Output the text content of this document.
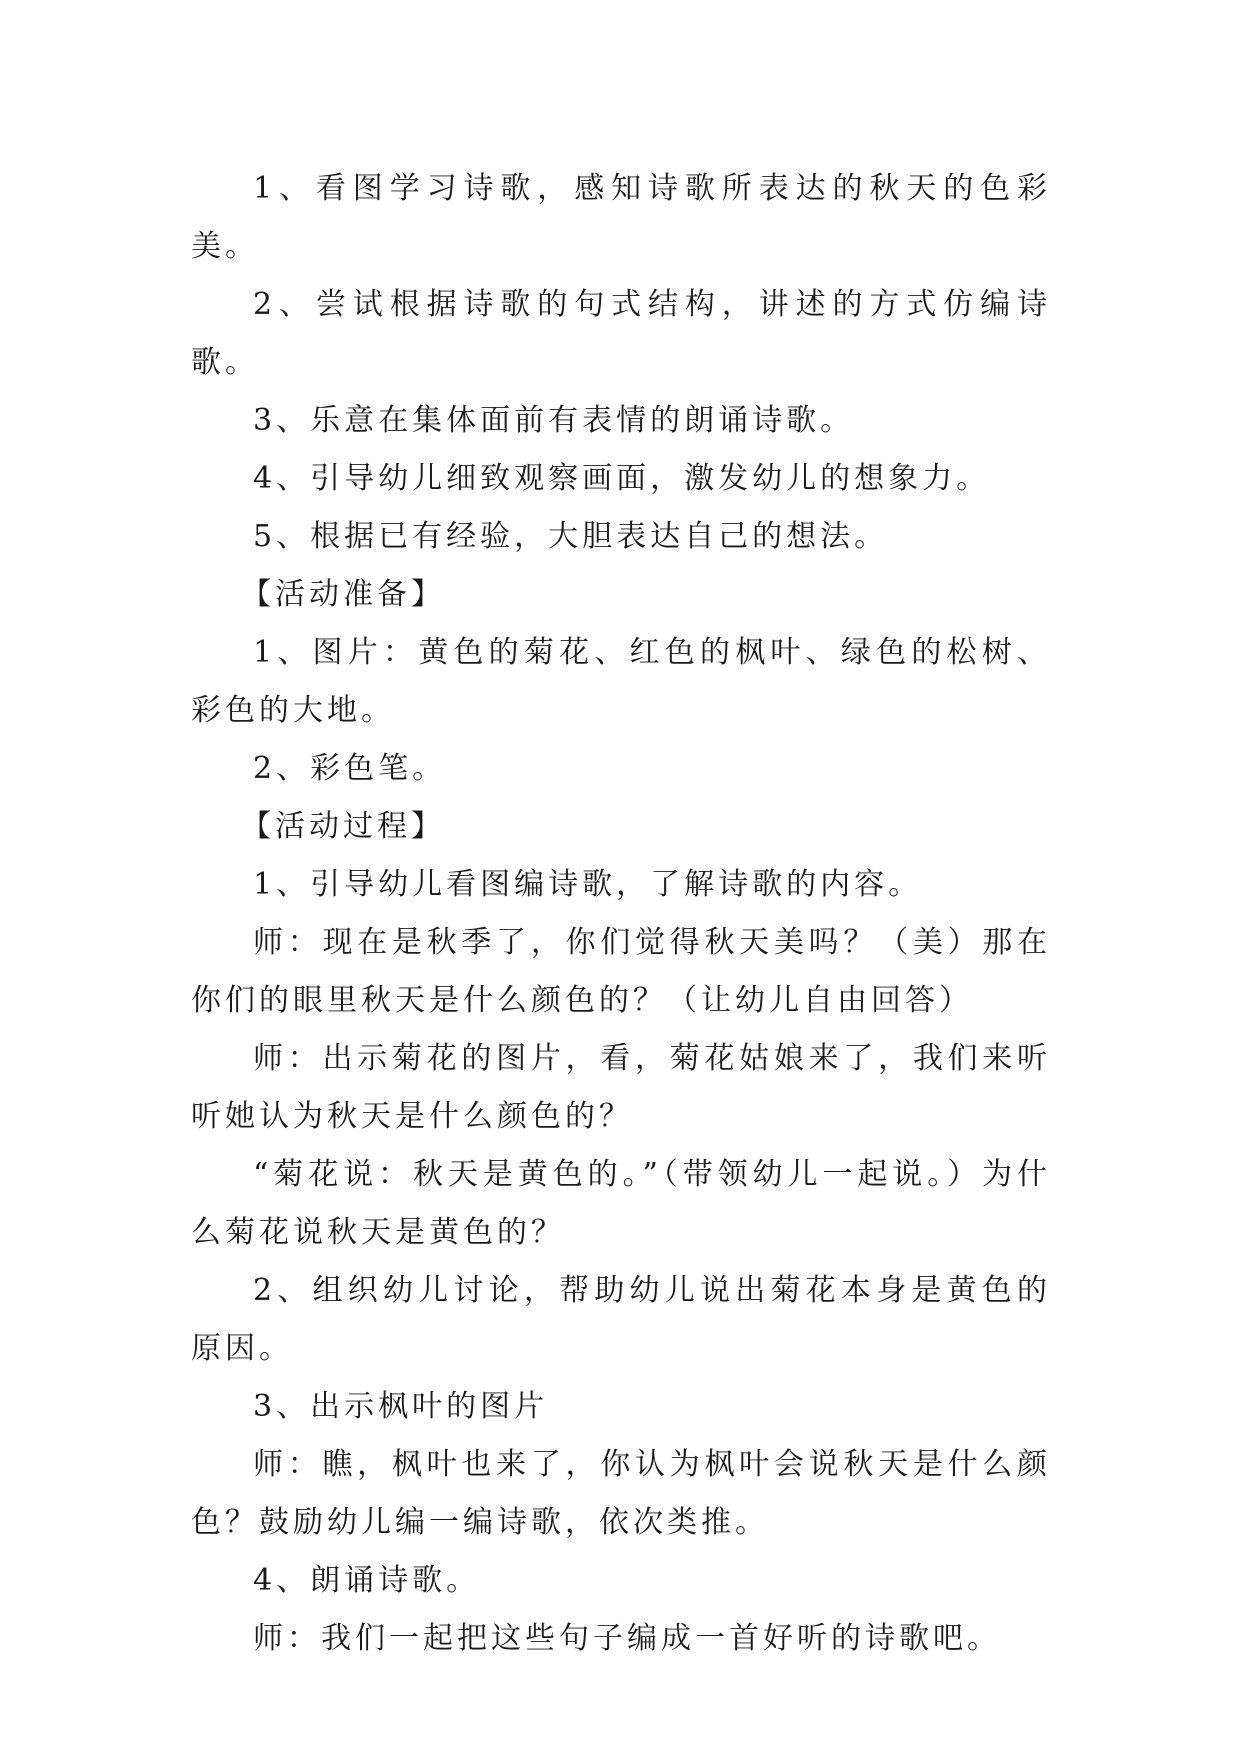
1、看图学习诗歌，感知诗歌所表达的秋天的色彩美。

2、尝试根据诗歌的句式结构，讲述的方式仿编诗歌。

3、乐意在集体面前有表情的朗诵诗歌。

4、引导幼儿细致观察画面，激发幼儿的想象力。

5、根据已有经验，大胆表达自己的想法。

【活动准备】

1、图片：黄色的菊花、红色的枫叶、绿色的松树、彩色的大地。

2、彩色笔。

【活动过程】

1、引导幼儿看图编诗歌，了解诗歌的内容。

师：现在是秋季了，你们觉得秋天美吗？（美）那在你们的眼里秋天是什么颜色的？（让幼儿自由回答）

师：出示菊花的图片，看，菊花姑娘来了，我们来听听她认为秋天是什么颜色的？

“菊花说：秋天是黄色的。”（带领幼儿一起说。）为什么菊花说秋天是黄色的？

2、组织幼儿讨论，帮助幼儿说出菊花本身是黄色的原因。

3、出示枫叶的图片

师：瞧，枫叶也来了，你认为枫叶会说秋天是什么颜色？鼓励幼儿编一编诗歌，依次类推。

4、朗诵诗歌。

师：我们一起把这些句子编成一首好听的诗歌吧。
